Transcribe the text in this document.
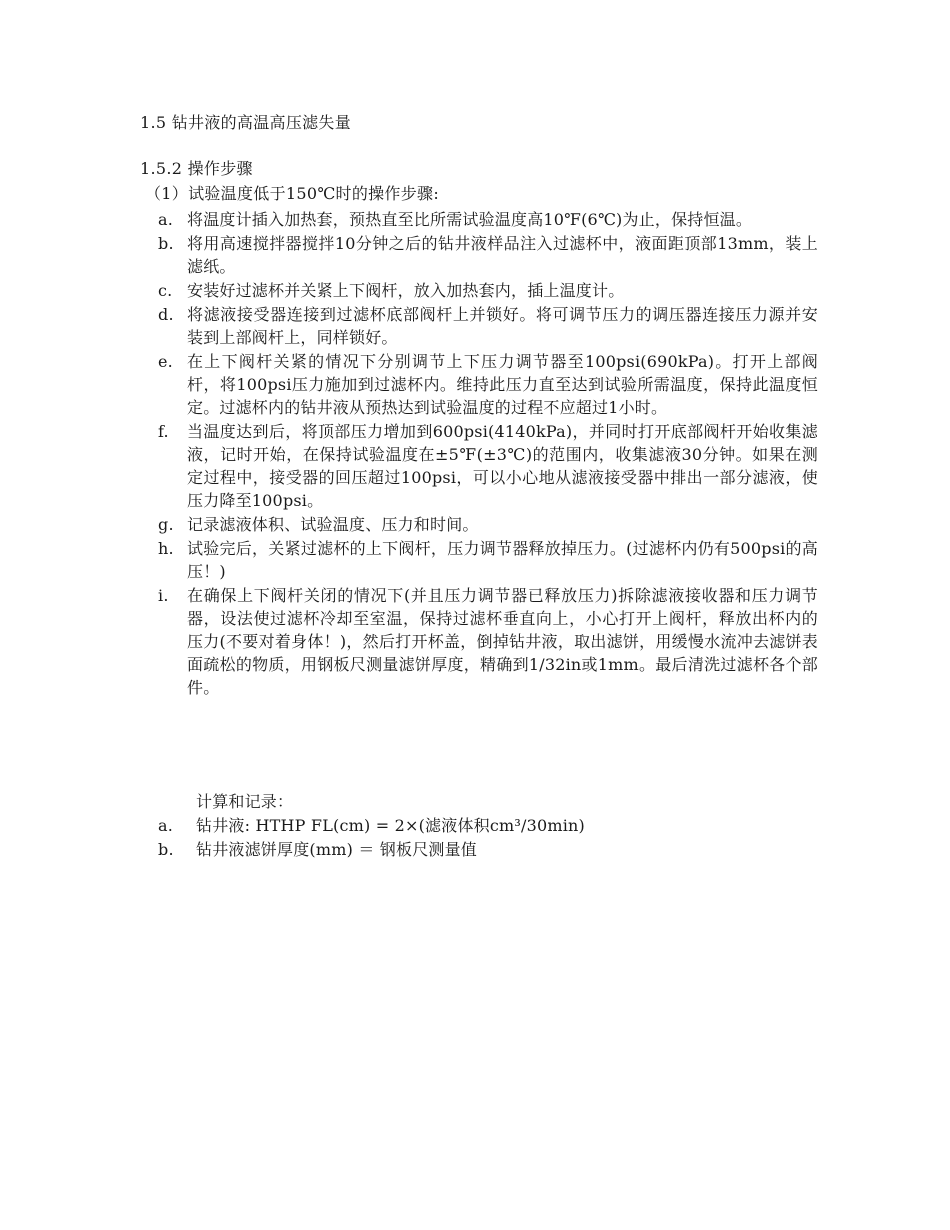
1.5 钻井液的高温高压滤失量
1.5.2 操作步骤
（1）试验温度低于150℃时的操作步骤:
a. 将温度计插入加热套，预热直至比所需试验温度高10℉(6℃)为止，保持恒温。
b. 将用高速搅拌器搅拌10分钟之后的钻井液样品注入过滤杯中，液面距顶部13mm，装上滤纸。
c. 安装好过滤杯并关紧上下阀杆，放入加热套内，插上温度计。
d. 将滤液接受器连接到过滤杯底部阀杆上并锁好。将可调节压力的调压器连接压力源并安装到上部阀杆上，同样锁好。
e. 在上下阀杆关紧的情况下分别调节上下压力调节器至100psi(690kPa)。打开上部阀杆，将100psi压力施加到过滤杯内。维持此压力直至达到试验所需温度，保持此温度恒定。过滤杯内的钻井液从预热达到试验温度的过程不应超过1小时。
f. 当温度达到后，将顶部压力增加到600psi(4140kPa)，并同时打开底部阀杆开始收集滤液，记时开始，在保持试验温度在±5℉(±3℃)的范围内，收集滤液30分钟。如果在测定过程中，接受器的回压超过100psi，可以小心地从滤液接受器中排出一部分滤液，使压力降至100psi。
g. 记录滤液体积、试验温度、压力和时间。
h. 试验完后，关紧过滤杯的上下阀杆，压力调节器释放掉压力。(过滤杯内仍有500psi的高压！)
i. 在确保上下阀杆关闭的情况下(并且压力调节器已释放压力)拆除滤液接收器和压力调节器，设法使过滤杯冷却至室温，保持过滤杯垂直向上，小心打开上阀杆，释放出杯内的压力(不要对着身体！)，然后打开杯盖，倒掉钻井液，取出滤饼，用缓慢水流冲去滤饼表面疏松的物质，用钢板尺测量滤饼厚度，精确到1/32in或1mm。最后清洗过滤杯各个部件。
计算和记录：
a. 钻井液: HTHP FL(cm) = 2×(滤液体积cm³/30min)
b. 钻井液滤饼厚度(mm) ＝ 钢板尺测量值
